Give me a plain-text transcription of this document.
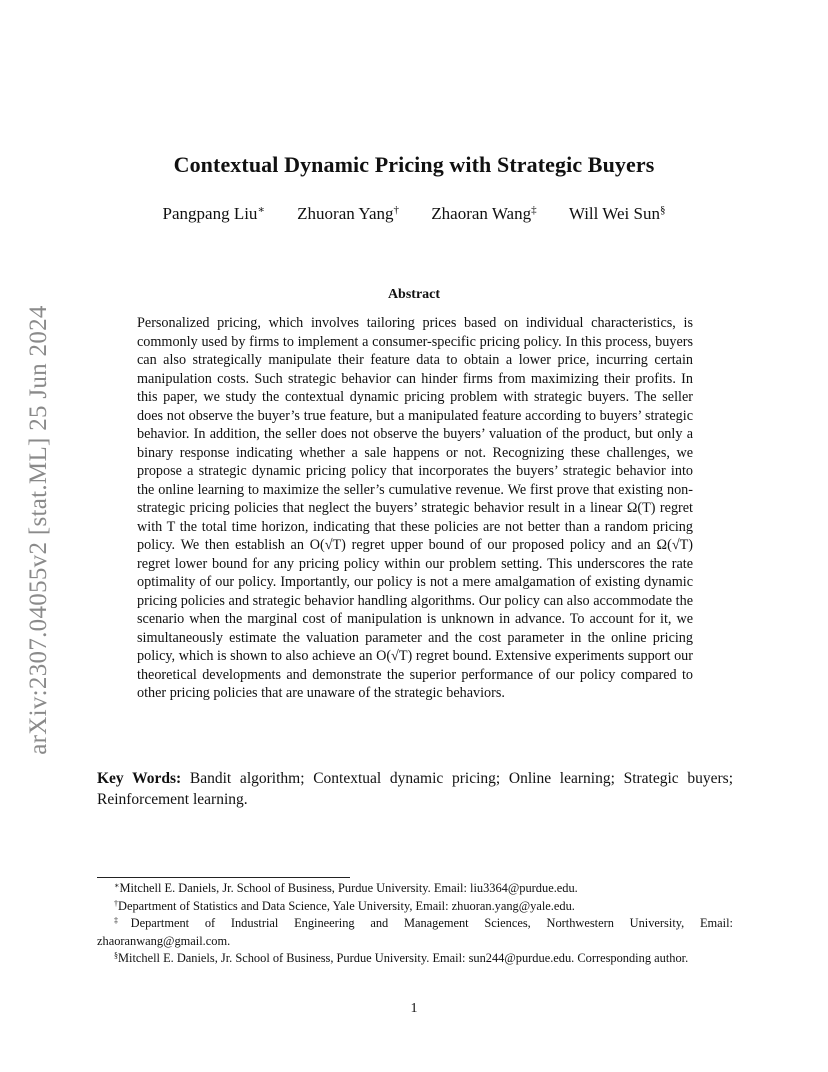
arXiv:2307.04055v2 [stat.ML] 25 Jun 2024
Contextual Dynamic Pricing with Strategic Buyers
Pangpang Liu∗ Zhuoran Yang† Zhaoran Wang‡ Will Wei Sun§
Abstract

Personalized pricing, which involves tailoring prices based on individual characteristics, is commonly used by firms to implement a consumer-specific pricing policy. In this process, buyers can also strategically manipulate their feature data to obtain a lower price, incurring certain manipulation costs. Such strategic behavior can hinder firms from maximizing their profits. In this paper, we study the contextual dynamic pricing problem with strategic buyers. The seller does not observe the buyer’s true feature, but a manipulated feature according to buyers’ strategic behavior. In addition, the seller does not observe the buyers’ valuation of the product, but only a binary response indicating whether a sale happens or not. Recognizing these challenges, we propose a strategic dynamic pricing policy that incorporates the buyers’ strategic behavior into the online learning to maximize the seller’s cumulative revenue. We first prove that existing non-strategic pricing policies that neglect the buyers’ strategic behavior result in a linear Ω(T) regret with T the total time horizon, indicating that these policies are not better than a random pricing policy. We then establish an O(√T) regret upper bound of our proposed policy and an Ω(√T) regret lower bound for any pricing policy within our problem setting. This underscores the rate optimality of our policy. Importantly, our policy is not a mere amalgamation of existing dynamic pricing policies and strategic behavior handling algorithms. Our policy can also accommodate the scenario when the marginal cost of manipulation is unknown in advance. To account for it, we simultaneously estimate the valuation parameter and the cost parameter in the online pricing policy, which is shown to also achieve an O(√T) regret bound. Extensive experiments support our theoretical developments and demonstrate the superior performance of our policy compared to other pricing policies that are unaware of the strategic behaviors.

Key Words: Bandit algorithm; Contextual dynamic pricing; Online learning; Strategic buyers; Reinforcement learning.

∗Mitchell E. Daniels, Jr. School of Business, Purdue University. Email: liu3364@purdue.edu.

†Department of Statistics and Data Science, Yale University, Email: zhuoran.yang@yale.edu.

‡Department of Industrial Engineering and Management Sciences, Northwestern University, Email: zhaoranwang@gmail.com.

§Mitchell E. Daniels, Jr. School of Business, Purdue University. Email: sun244@purdue.edu. Corresponding author.

1
